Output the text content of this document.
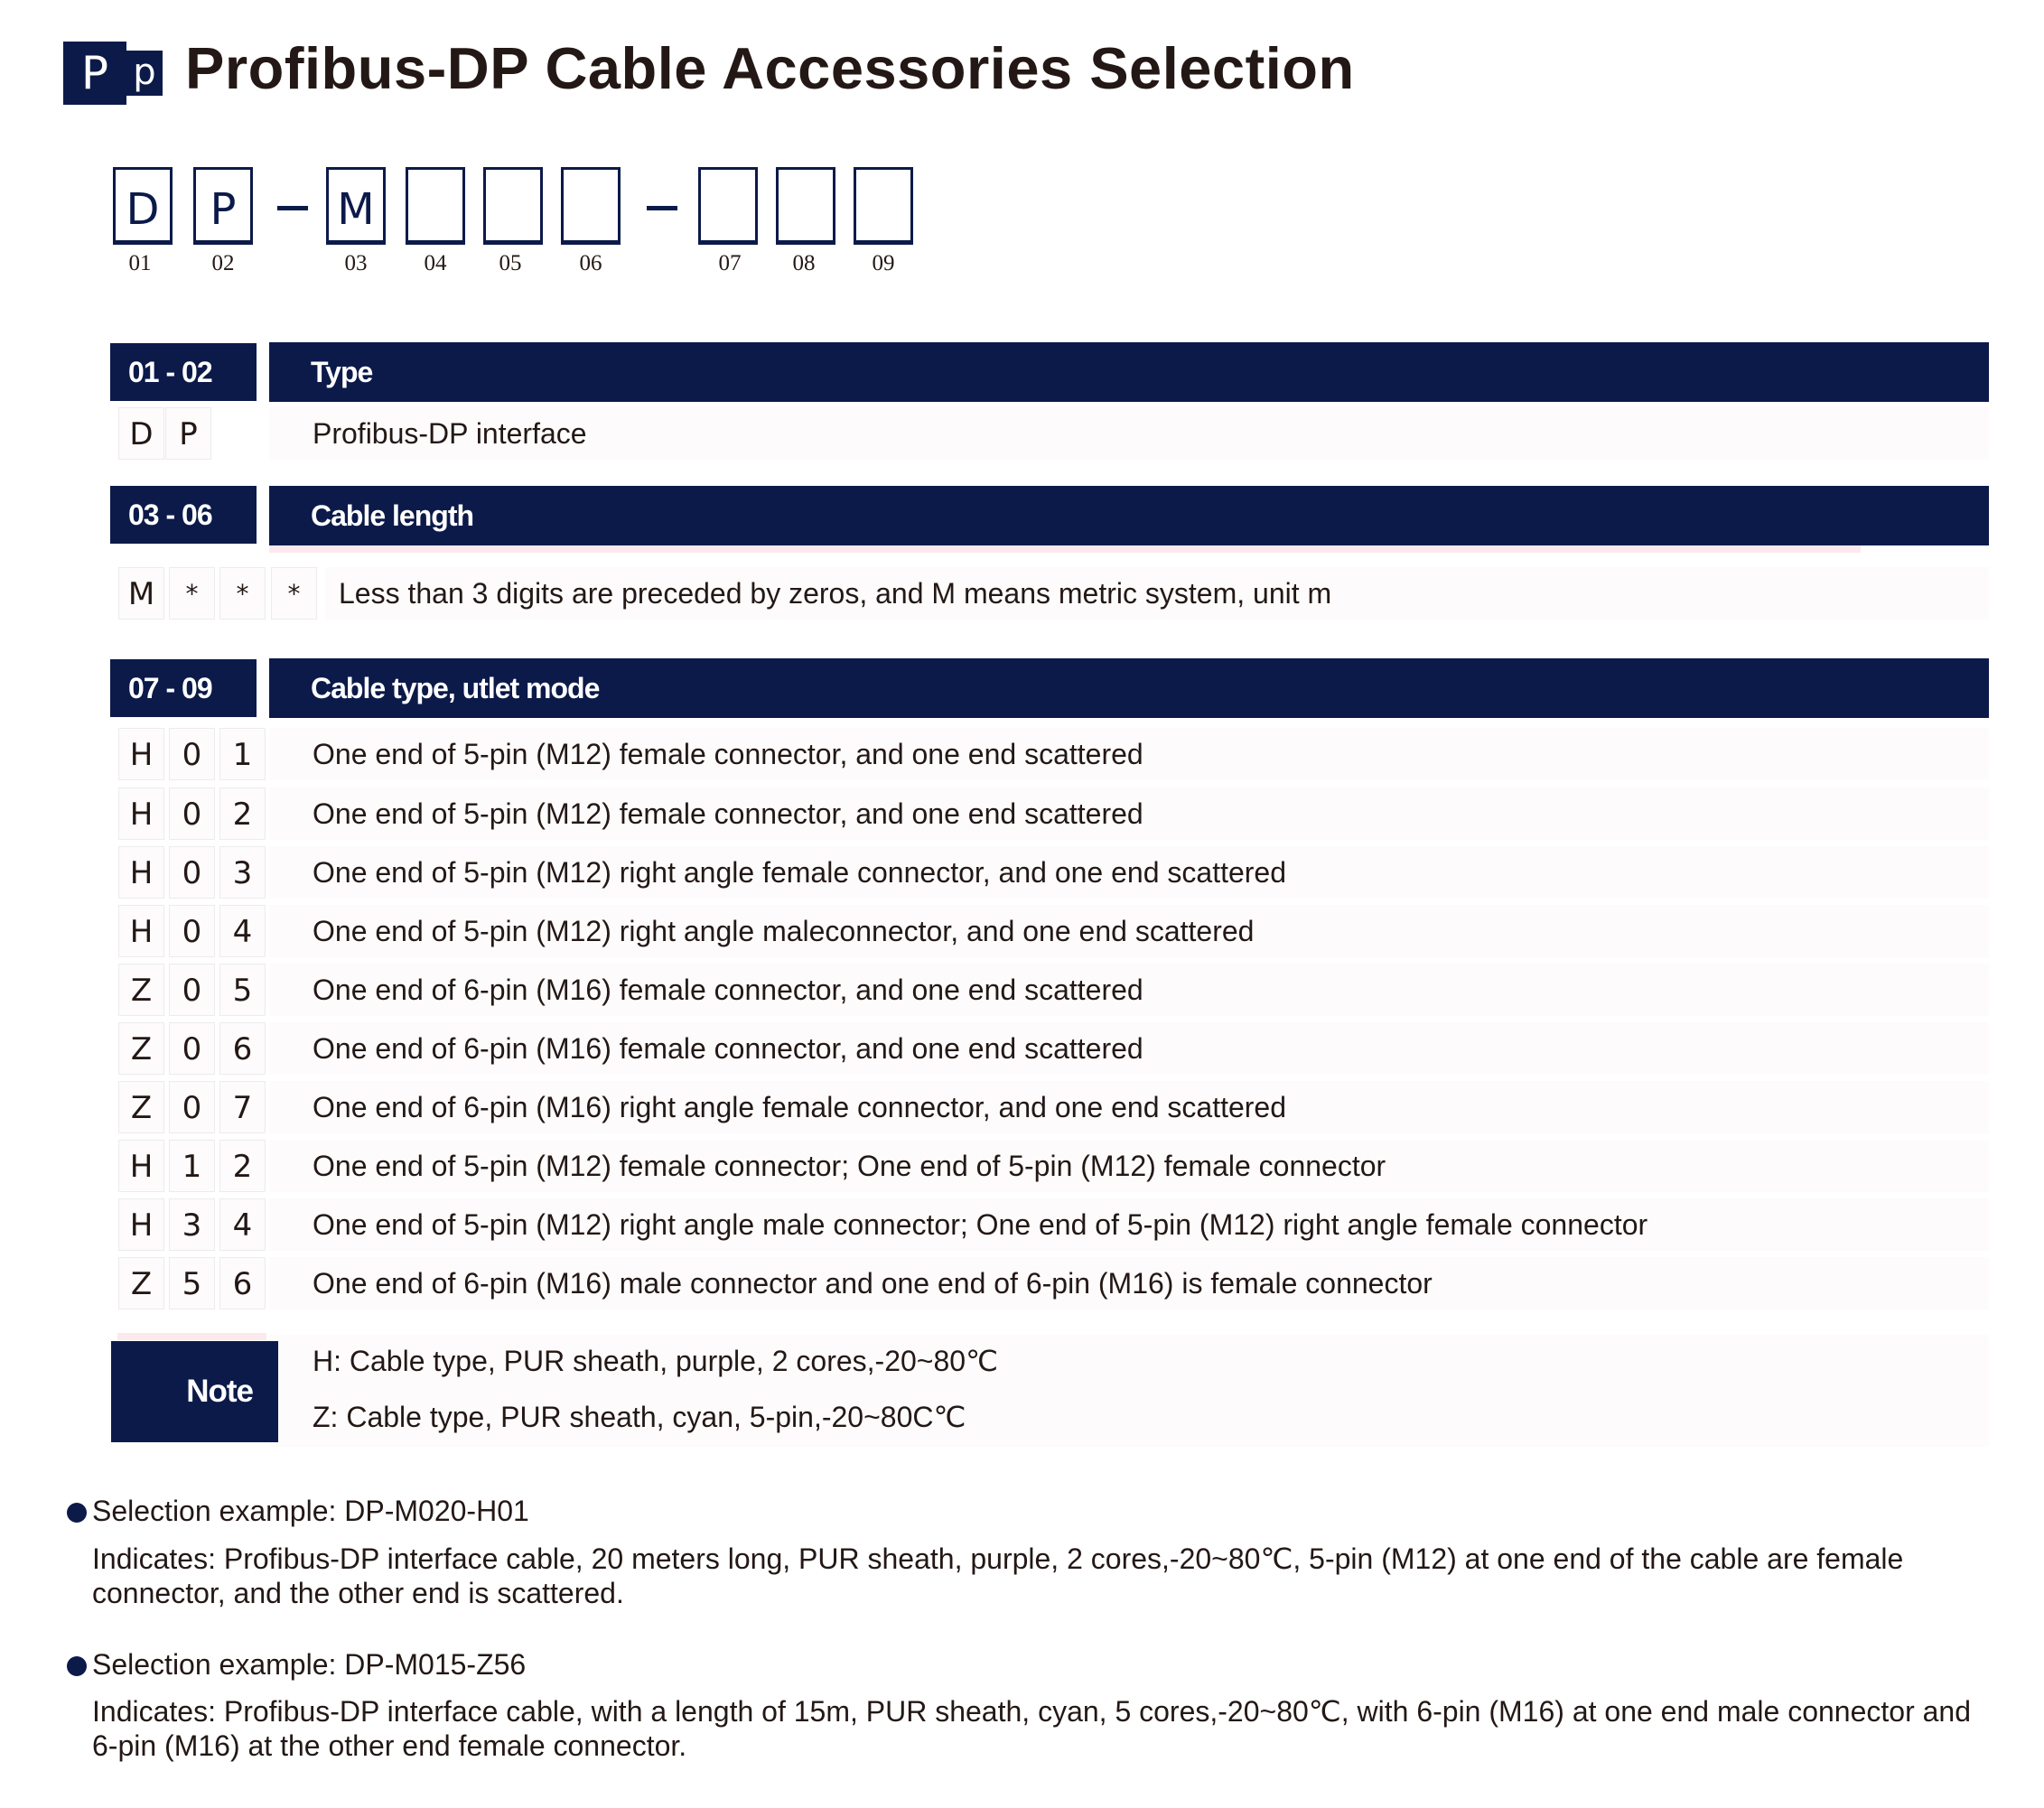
P p Profibus-DP Cable Accessories Selection
D	P	M
01	02	03	04	05	06	07	08	09
01 - 02	Type
D P	Profibus-DP interface
03 - 06	Cable length
M	*	*	*	Less than 3 digits are preceded by zeros, and M means metric system, unit m
07 - 09	Cable type, utlet mode
H 0	1	One end of 5-pin (M12) female connector, and one end scattered
H 0	2	One end of 5-pin (M12) female connector, and one end scattered
H 0	3	One end of 5-pin (M12) right angle female connector, and one end scattered
H 0	4	One end of 5-pin (M12) right angle maleconnector, and one end scattered
Z 0	5	One end of 6-pin (M16) female connector, and one end scattered
Z 0	6	One end of 6-pin (M16) female connector, and one end scattered
Z 0	7	One end of 6-pin (M16) right angle female connector, and one end scattered
H 1	2	One end of 5-pin (M12) female connector; One end of 5-pin (M12) female connector
H 3	4	One end of 5-pin (M12) right angle male connector; One end of 5-pin (M12) right angle female connector
Z 5	6	One end of 6-pin (M16) male connector and one end of 6-pin (M16) is female connector
Note
H: Cable type, PUR sheath, purple, 2 cores,-20~80℃
Z: Cable type, PUR sheath, cyan, 5-pin,-20~80C℃
Selection example: DP-M020-H01
Indicates: Profibus-DP interface cable, 20 meters long, PUR sheath, purple, 2 cores,-20~80℃, 5-pin (M12) at one end of the cable are female connector, and the other end is scattered.
Selection example: DP-M015-Z56
Indicates: Profibus-DP interface cable, with a length of 15m, PUR sheath, cyan, 5 cores,-20~80℃, with 6-pin (M16) at one end male connector and 6-pin (M16) at the other end female connector.
